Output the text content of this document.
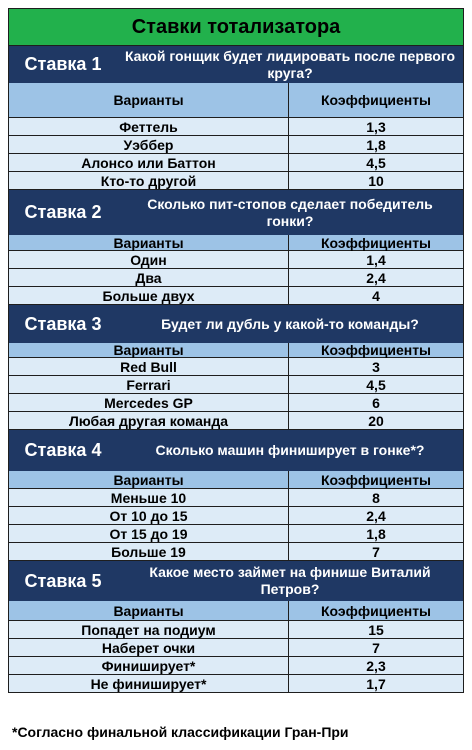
Ставки тотализатора
Ставка 1	Какой гонщик будет лидировать после первого круга?
Варианты	Коэффициенты
Феттель	1,3
Уэббер	1,8
Алонсо или Баттон	4,5
Кто-то другой	10
Ставка 2	Сколько пит-стопов сделает победитель гонки?
Варианты	Коэффициенты
Один	1,4
Два	2,4
Больше двух	4
Ставка 3	Будет ли дубль у какой-то команды?
Варианты	Коэффициенты
Red Bull	3
Ferrari	4,5
Mercedes GP	6
Любая другая команда	20
Ставка 4	Сколько машин финиширует в гонке*?
Варианты	Коэффициенты
Меньше 10	8
От 10 до 15	2,4
От 15 до 19	1,8
Больше 19	7
Ставка 5	Какое место займет на финише Виталий Петров?
Варианты	Коэффициенты
Попадет на подиум	15
Наберет очки	7
Финиширует*	2,3
Не финиширует*	1,7
*Согласно финальной классификации Гран-При
